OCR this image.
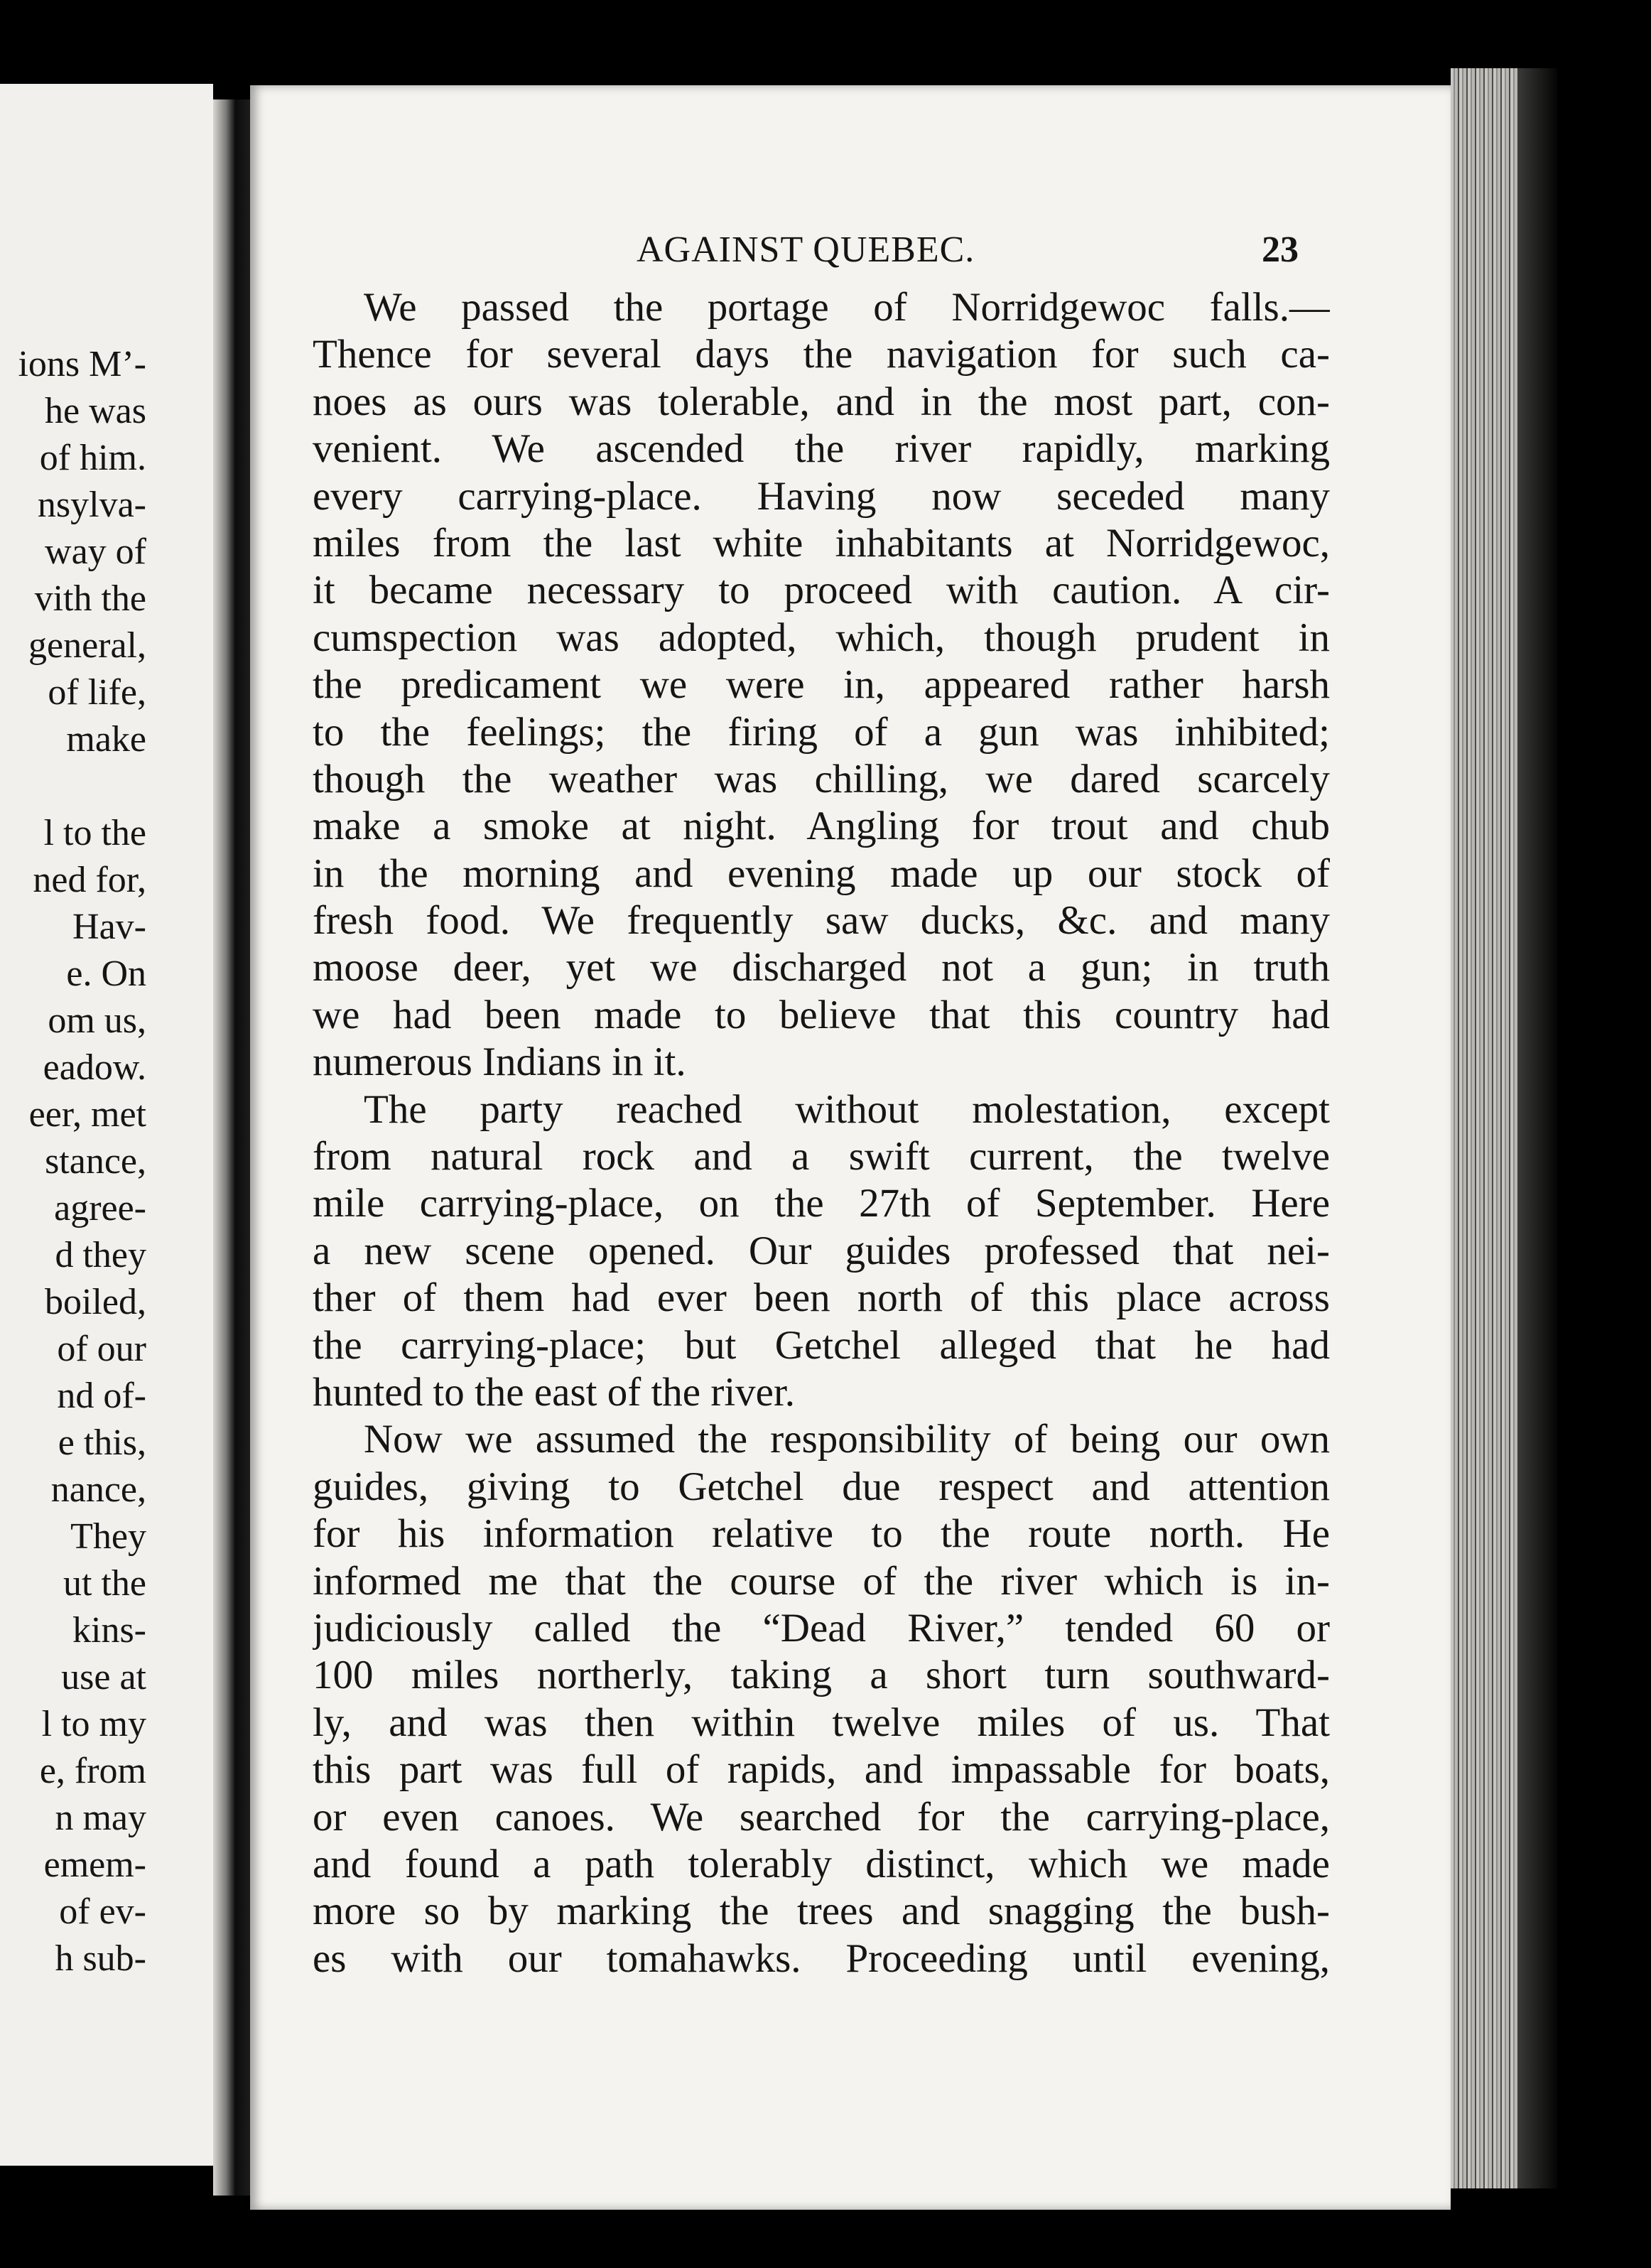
ions M’-
he was
of him.
nsylva-
way of
vith the
general,
of life,
make
l to the
ned for,
Hav-
e. On
om us,
eadow.
eer, met
stance,
agree-
d they
boiled,
of our
nd of-
e this,
nance,
They
ut the
kins-
use at
l to my
e, from
n may
emem-
of ev-
h sub-
AGAINST QUEBEC.	23
We passed the portage of Norridgewoc falls.—
Thence for several days the navigation for such ca-
noes as ours was tolerable, and in the most part, con-
venient. We ascended the river rapidly, marking
every carrying-place. Having now seceded many
miles from the last white inhabitants at Norridgewoc,
it became necessary to proceed with caution. A cir-
cumspection was adopted, which, though prudent in
the predicament we were in, appeared rather harsh
to the feelings; the firing of a gun was inhibited;
though the weather was chilling, we dared scarcely
make a smoke at night. Angling for trout and chub
in the morning and evening made up our stock of
fresh food. We frequently saw ducks, &c. and many
moose deer, yet we discharged not a gun; in truth
we had been made to believe that this country had
numerous Indians in it.
The party reached without molestation, except
from natural rock and a swift current, the twelve
mile carrying-place, on the 27th of September. Here
a new scene opened. Our guides professed that nei-
ther of them had ever been north of this place across
the carrying-place; but Getchel alleged that he had
hunted to the east of the river.
Now we assumed the responsibility of being our own
guides, giving to Getchel due respect and attention
for his information relative to the route north. He
informed me that the course of the river which is in-
judiciously called the “Dead River,” tended 60 or
100 miles northerly, taking a short turn southward-
ly, and was then within twelve miles of us. That
this part was full of rapids, and impassable for boats,
or even canoes. We searched for the carrying-place,
and found a path tolerably distinct, which we made
more so by marking the trees and snagging the bush-
es with our tomahawks. Proceeding until evening,
